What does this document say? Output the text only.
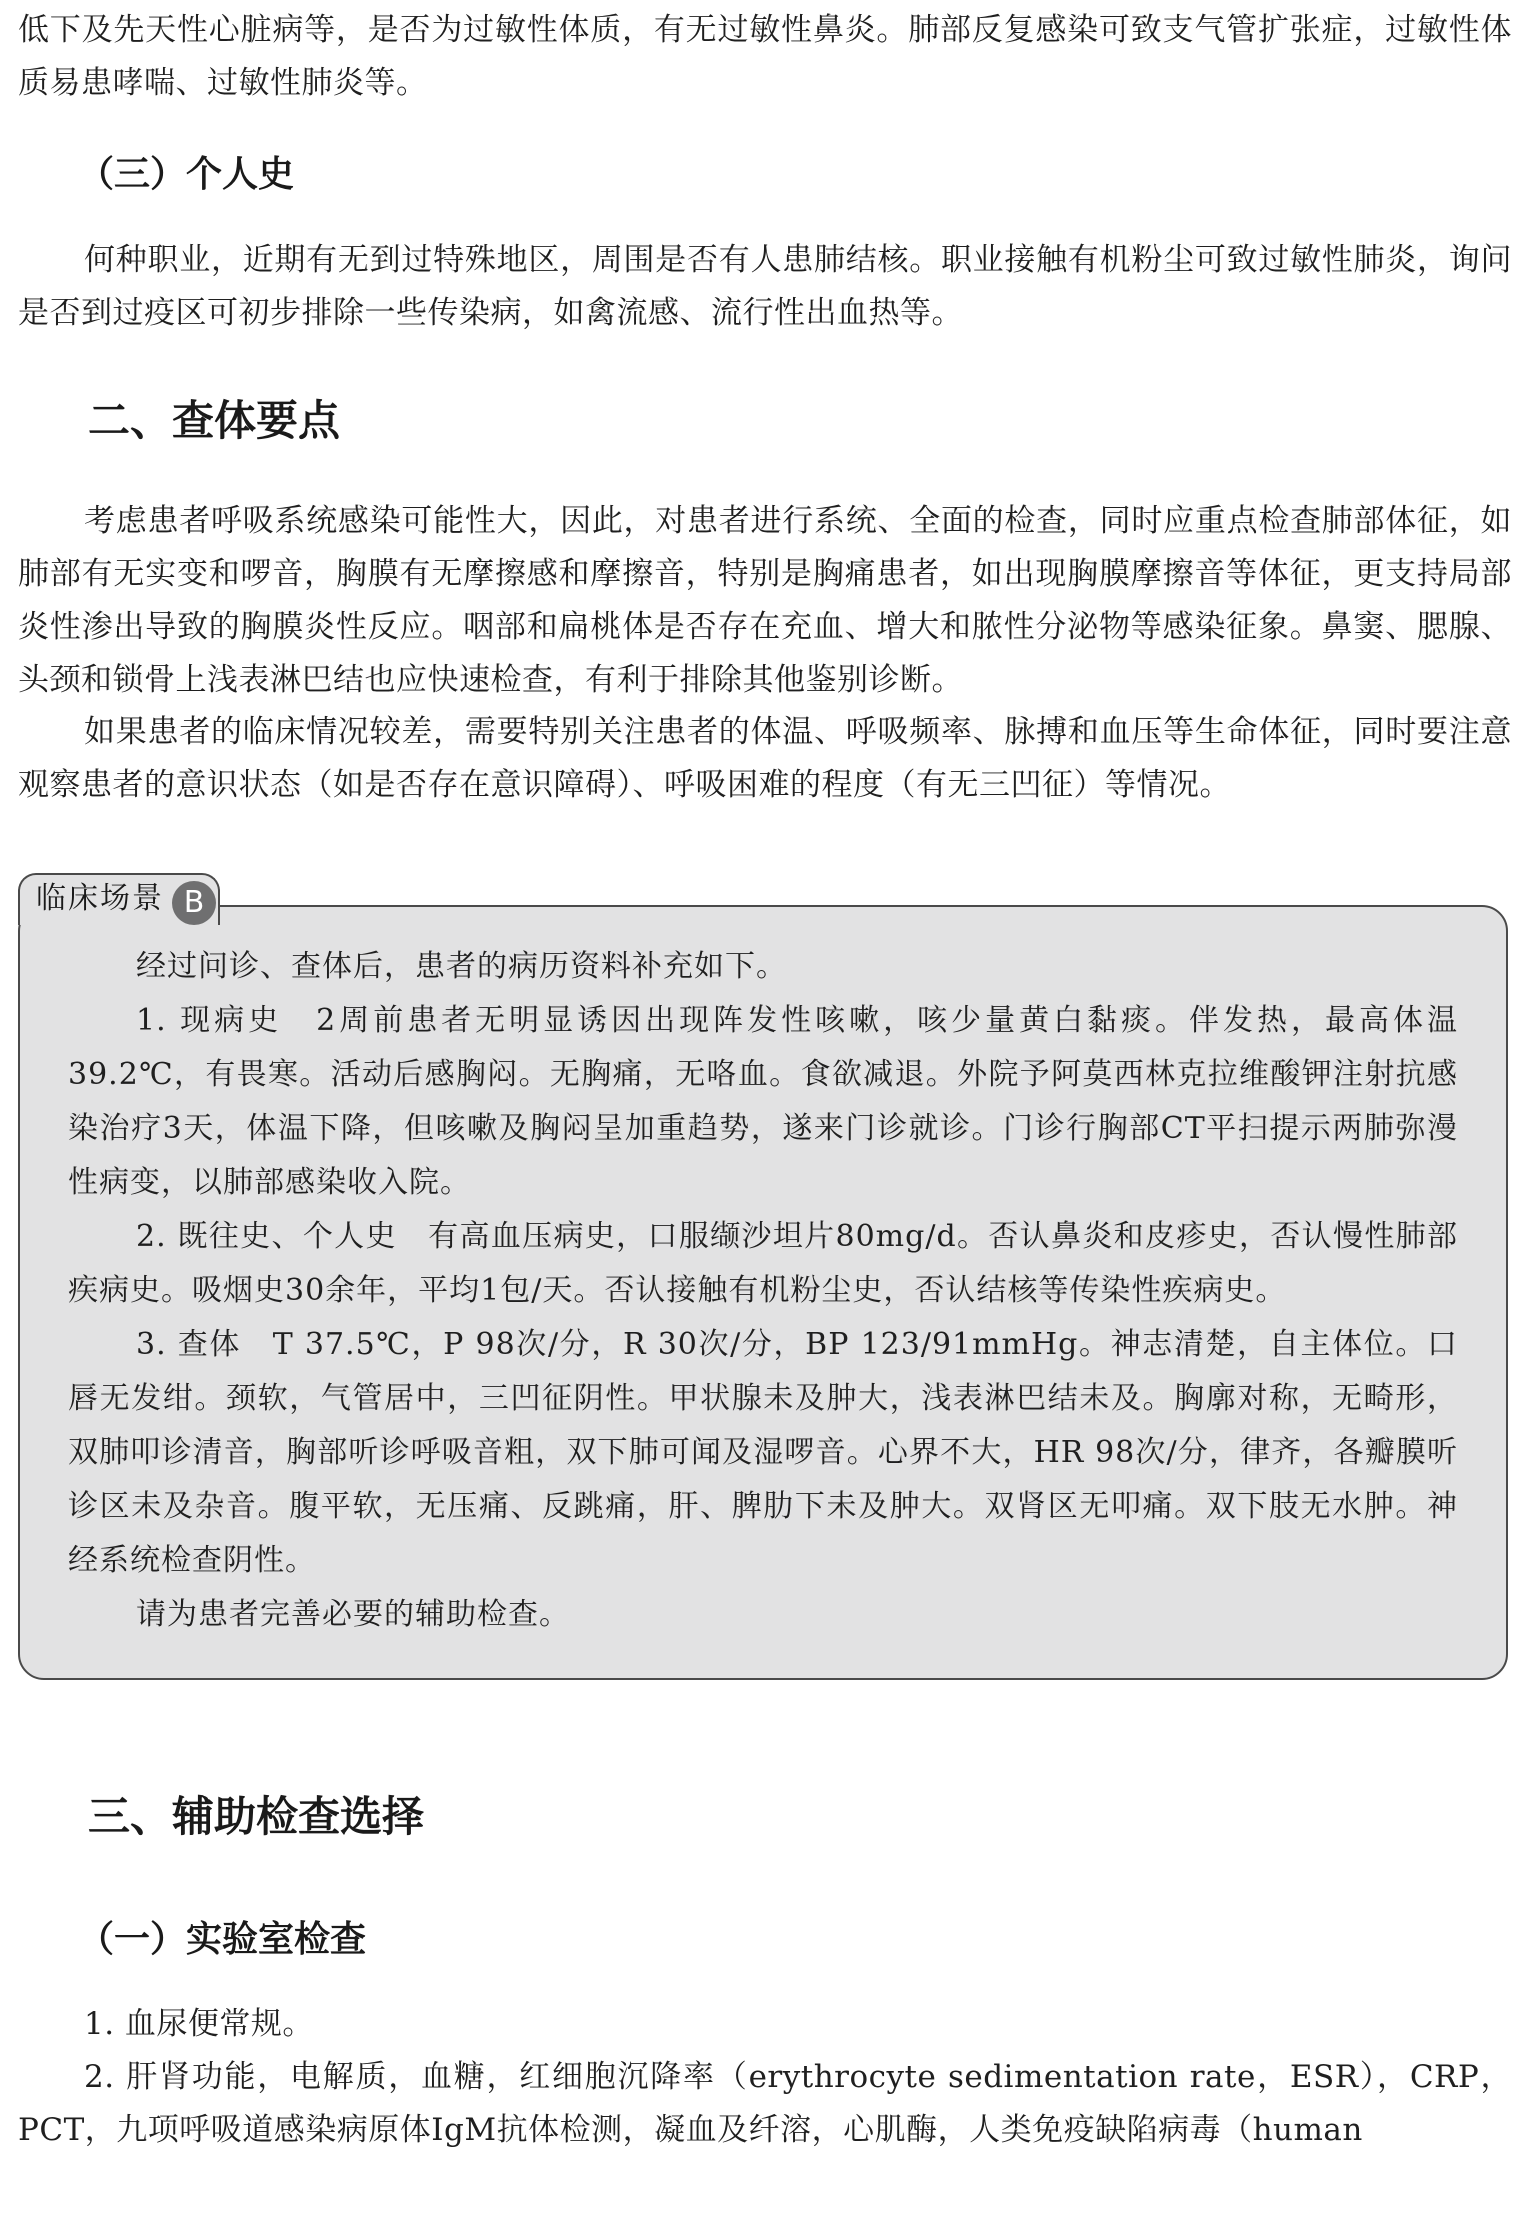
低下及先天性心脏病等，是否为过敏性体质，有无过敏性鼻炎。肺部反复感染可致支气管扩张症，过敏性体质易患哮喘、过敏性肺炎等。

（三）个人史

何种职业，近期有无到过特殊地区，周围是否有人患肺结核。职业接触有机粉尘可致过敏性肺炎，询问是否到过疫区可初步排除一些传染病，如禽流感、流行性出血热等。

二、查体要点

考虑患者呼吸系统感染可能性大，因此，对患者进行系统、全面的检查，同时应重点检查肺部体征，如肺部有无实变和啰音，胸膜有无摩擦感和摩擦音，特别是胸痛患者，如出现胸膜摩擦音等体征，更支持局部炎性渗出导致的胸膜炎性反应。咽部和扁桃体是否存在充血、增大和脓性分泌物等感染征象。鼻窦、腮腺、头颈和锁骨上浅表淋巴结也应快速检查，有利于排除其他鉴别诊断。

如果患者的临床情况较差，需要特别关注患者的体温、呼吸频率、脉搏和血压等生命体征，同时要注意观察患者的意识状态（如是否存在意识障碍）、呼吸困难的程度（有无三凹征）等情况。

临床场景 B

经过问诊、查体后，患者的病历资料补充如下。

1. 现病史　2周前患者无明显诱因出现阵发性咳嗽，咳少量黄白黏痰。伴发热，最高体温39.2℃，有畏寒。活动后感胸闷。无胸痛，无咯血。食欲减退。外院予阿莫西林克拉维酸钾注射抗感染治疗3天，体温下降，但咳嗽及胸闷呈加重趋势，遂来门诊就诊。门诊行胸部CT平扫提示两肺弥漫性病变，以肺部感染收入院。

2. 既往史、个人史　有高血压病史，口服缬沙坦片80mg/d。否认鼻炎和皮疹史，否认慢性肺部疾病史。吸烟史30余年，平均1包/天。否认接触有机粉尘史，否认结核等传染性疾病史。

3. 查体　T 37.5℃，P 98次/分，R 30次/分，BP 123/91mmHg。神志清楚，自主体位。口唇无发绀。颈软，气管居中，三凹征阴性。甲状腺未及肿大，浅表淋巴结未及。胸廓对称，无畸形，双肺叩诊清音，胸部听诊呼吸音粗，双下肺可闻及湿啰音。心界不大，HR 98次/分，律齐，各瓣膜听诊区未及杂音。腹平软，无压痛、反跳痛，肝、脾肋下未及肿大。双肾区无叩痛。双下肢无水肿。神经系统检查阴性。

请为患者完善必要的辅助检查。

三、辅助检查选择
（一）实验室检查

1. 血尿便常规。

2. 肝肾功能，电解质，血糖，红细胞沉降率（erythrocyte sedimentation rate，ESR），CRP，PCT，九项呼吸道感染病原体IgM抗体检测，凝血及纤溶，心肌酶，人类免疫缺陷病毒（human
